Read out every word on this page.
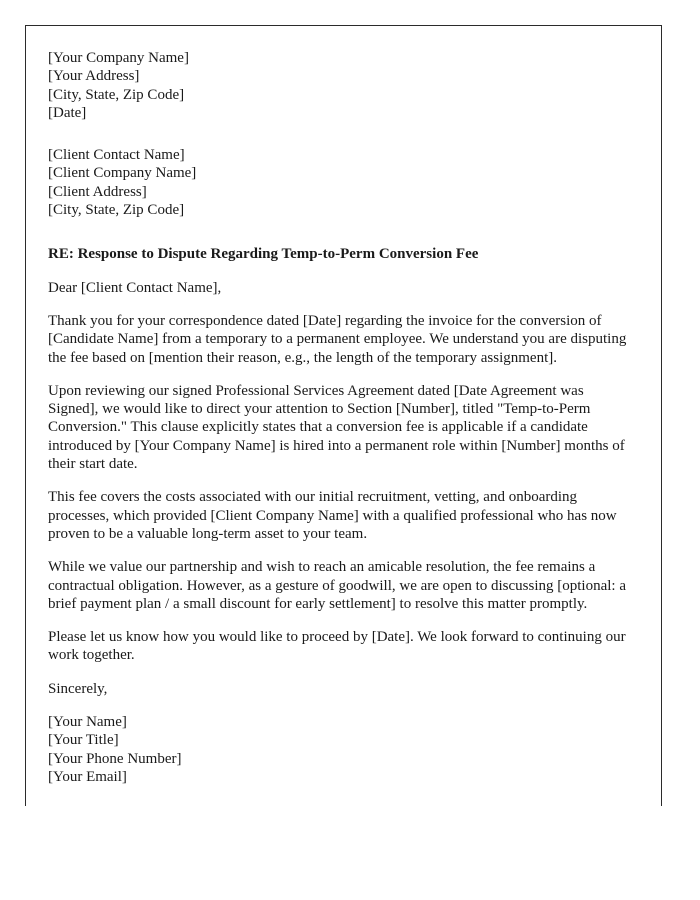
[Your Company Name]
[Your Address]
[City, State, Zip Code]
[Date]
[Client Contact Name]
[Client Company Name]
[Client Address]
[City, State, Zip Code]
RE: Response to Dispute Regarding Temp-to-Perm Conversion Fee
Dear [Client Contact Name],

Thank you for your correspondence dated [Date] regarding the invoice for the conversion of [Candidate Name] from a temporary to a permanent employee. We understand you are disputing the fee based on [mention their reason, e.g., the length of the temporary assignment].

Upon reviewing our signed Professional Services Agreement dated [Date Agreement was Signed], we would like to direct your attention to Section [Number], titled "Temp-to-Perm Conversion." This clause explicitly states that a conversion fee is applicable if a candidate introduced by [Your Company Name] is hired into a permanent role within [Number] months of their start date.

This fee covers the costs associated with our initial recruitment, vetting, and onboarding processes, which provided [Client Company Name] with a qualified professional who has now proven to be a valuable long-term asset to your team.

While we value our partnership and wish to reach an amicable resolution, the fee remains a contractual obligation. However, as a gesture of goodwill, we are open to discussing [optional: a brief payment plan / a small discount for early settlement] to resolve this matter promptly.

Please let us know how you would like to proceed by [Date]. We look forward to continuing our work together.

Sincerely,
[Your Name]
[Your Title]
[Your Phone Number]
[Your Email]
